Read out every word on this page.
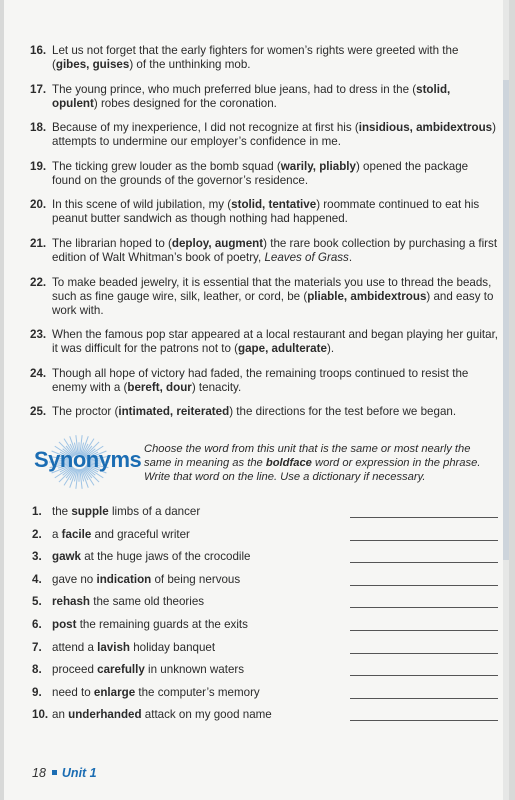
16. Let us not forget that the early fighters for women’s rights were greeted with the (gibes, guises) of the unthinking mob.
17. The young prince, who much preferred blue jeans, had to dress in the (stolid, opulent) robes designed for the coronation.
18. Because of my inexperience, I did not recognize at first his (insidious, ambidextrous) attempts to undermine our employer’s confidence in me.
19. The ticking grew louder as the bomb squad (warily, pliably) opened the package found on the grounds of the governor’s residence.
20. In this scene of wild jubilation, my (stolid, tentative) roommate continued to eat his peanut butter sandwich as though nothing had happened.
21. The librarian hoped to (deploy, augment) the rare book collection by purchasing a first edition of Walt Whitman’s book of poetry, Leaves of Grass.
22. To make beaded jewelry, it is essential that the materials you use to thread the beads, such as fine gauge wire, silk, leather, or cord, be (pliable, ambidextrous) and easy to work with.
23. When the famous pop star appeared at a local restaurant and began playing her guitar, it was difficult for the patrons not to (gape, adulterate).
24. Though all hope of victory had faded, the remaining troops continued to resist the enemy with a (bereft, dour) tenacity.
25. The proctor (intimated, reiterated) the directions for the test before we began.
Synonyms Choose the word from this unit that is the same or most nearly the same in meaning as the boldface word or expression in the phrase. Write that word on the line. Use a dictionary if necessary.
1. the supple limbs of a dancer
2. a facile and graceful writer
3. gawk at the huge jaws of the crocodile
4. gave no indication of being nervous
5. rehash the same old theories
6. post the remaining guards at the exits
7. attend a lavish holiday banquet
8. proceed carefully in unknown waters
9. need to enlarge the computer’s memory
10. an underhanded attack on my good name
18 Unit 1
